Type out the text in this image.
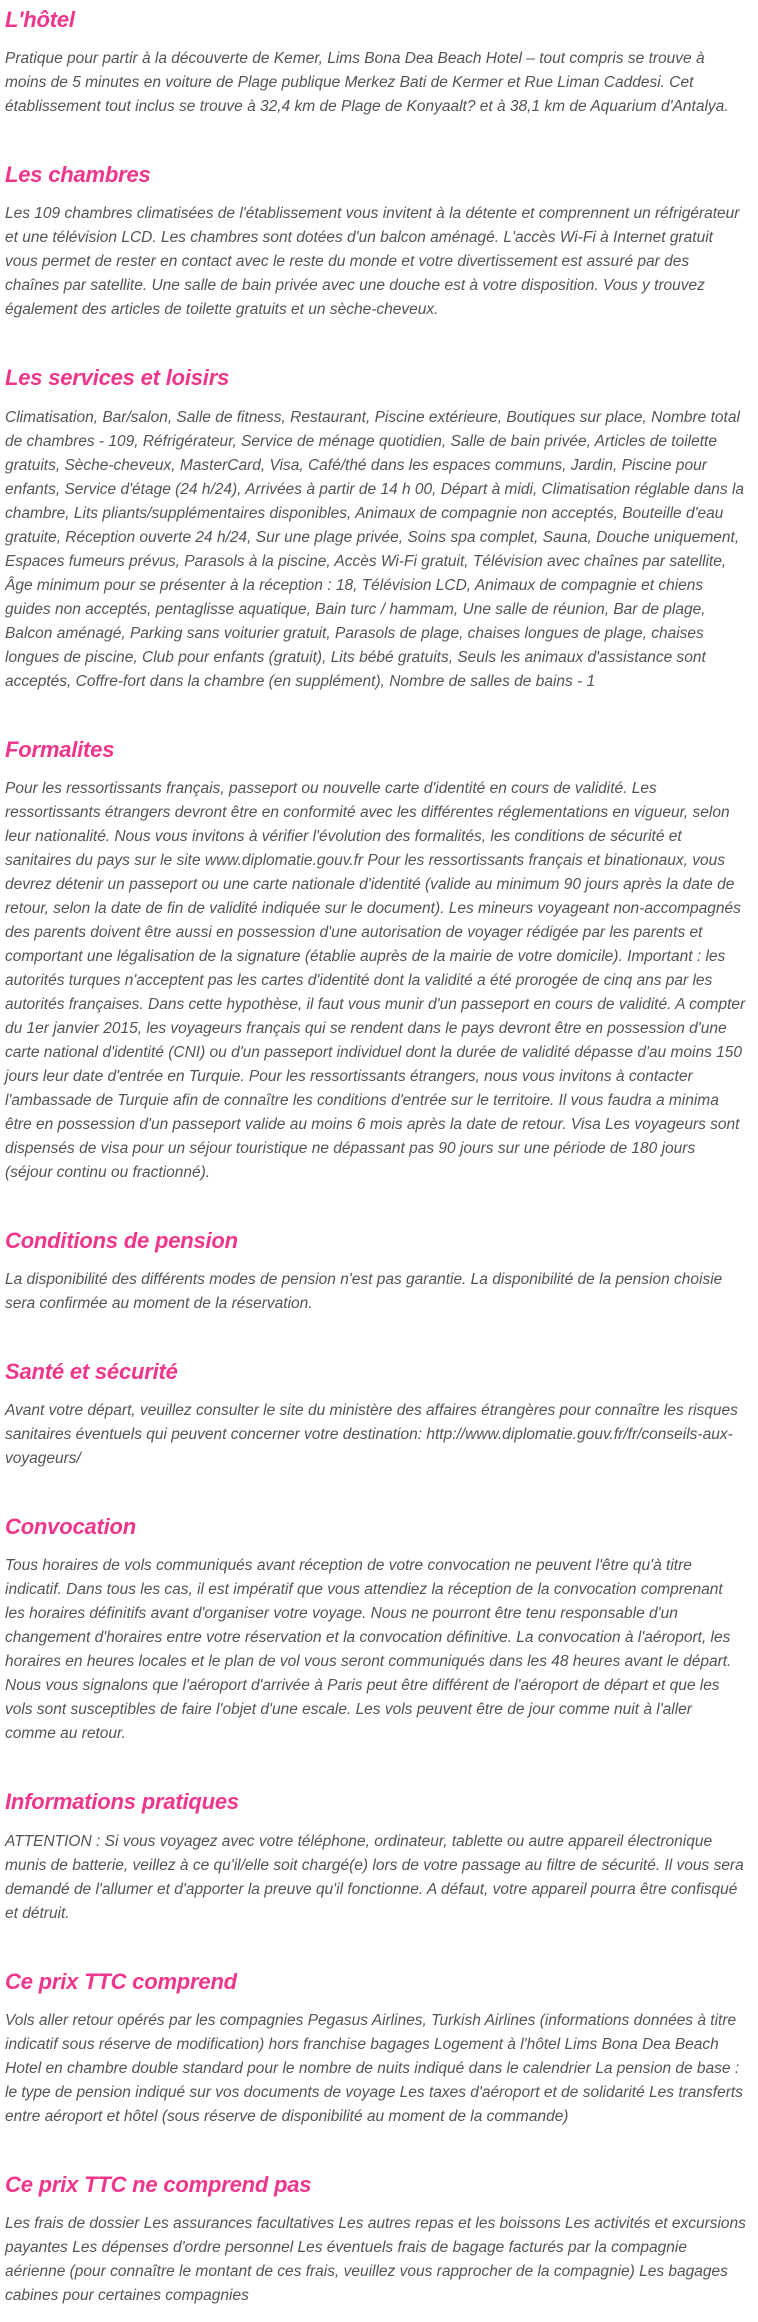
L'hôtel

Pratique pour partir à la découverte de Kemer, Lims Bona Dea Beach Hotel – tout compris se trouve à moins de 5 minutes en voiture de Plage publique Merkez Bati de Kermer et Rue Liman Caddesi. Cet établissement tout inclus se trouve à 32,4 km de Plage de Konyaalt? et à 38,1 km de Aquarium d'Antalya.

Les chambres

Les 109 chambres climatisées de l'établissement vous invitent à la détente et comprennent un réfrigérateur et une télévision LCD. Les chambres sont dotées d'un balcon aménagé. L'accès Wi-Fi à Internet gratuit vous permet de rester en contact avec le reste du monde et votre divertissement est assuré par des chaînes par satellite. Une salle de bain privée avec une douche est à votre disposition. Vous y trouvez également des articles de toilette gratuits et un sèche-cheveux.

Les services et loisirs

Climatisation, Bar/salon, Salle de fitness, Restaurant, Piscine extérieure, Boutiques sur place, Nombre total de chambres - 109, Réfrigérateur, Service de ménage quotidien, Salle de bain privée, Articles de toilette gratuits, Sèche-cheveux, MasterCard, Visa, Café/thé dans les espaces communs, Jardin, Piscine pour enfants, Service d'étage (24 h/24), Arrivées à partir de 14 h 00, Départ à midi, Climatisation réglable dans la chambre, Lits pliants/supplémentaires disponibles, Animaux de compagnie non acceptés, Bouteille d'eau gratuite, Réception ouverte 24 h/24, Sur une plage privée, Soins spa complet, Sauna, Douche uniquement, Espaces fumeurs prévus, Parasols à la piscine, Accès Wi-Fi gratuit, Télévision avec chaînes par satellite, Âge minimum pour se présenter à la réception : 18, Télévision LCD, Animaux de compagnie et chiens guides non acceptés, pentaglisse aquatique, Bain turc / hammam, Une salle de réunion, Bar de plage, Balcon aménagé, Parking sans voiturier gratuit, Parasols de plage, chaises longues de plage, chaises longues de piscine, Club pour enfants (gratuit), Lits bébé gratuits, Seuls les animaux d'assistance sont acceptés, Coffre-fort dans la chambre (en supplément), Nombre de salles de bains - 1

Formalites

Pour les ressortissants français, passeport ou nouvelle carte d'identité en cours de validité. Les ressortissants étrangers devront être en conformité avec les différentes réglementations en vigueur, selon leur nationalité. Nous vous invitons à vérifier l'évolution des formalités, les conditions de sécurité et sanitaires du pays sur le site www.diplomatie.gouv.fr Pour les ressortissants français et binationaux, vous devrez détenir un passeport ou une carte nationale d'identité (valide au minimum 90 jours après la date de retour, selon la date de fin de validité indiquée sur le document). Les mineurs voyageant non-accompagnés des parents doivent être aussi en possession d'une autorisation de voyager rédigée par les parents et comportant une légalisation de la signature (établie auprès de la mairie de votre domicile). Important : les autorités turques n'acceptent pas les cartes d'identité dont la validité a été prorogée de cinq ans par les autorités françaises. Dans cette hypothèse, il faut vous munir d'un passeport en cours de validité. A compter du 1er janvier 2015, les voyageurs français qui se rendent dans le pays devront être en possession d'une carte national d'identité (CNI) ou d'un passeport individuel dont la durée de validité dépasse d'au moins 150 jours leur date d'entrée en Turquie. Pour les ressortissants étrangers, nous vous invitons à contacter l'ambassade de Turquie afin de connaître les conditions d'entrée sur le territoire. Il vous faudra a minima être en possession d'un passeport valide au moins 6 mois après la date de retour. Visa Les voyageurs sont dispensés de visa pour un séjour touristique ne dépassant pas 90 jours sur une période de 180 jours (séjour continu ou fractionné).

Conditions de pension

La disponibilité des différents modes de pension n'est pas garantie. La disponibilité de la pension choisie sera confirmée au moment de la réservation.

Santé et sécurité

Avant votre départ, veuillez consulter le site du ministère des affaires étrangères pour connaître les risques sanitaires éventuels qui peuvent concerner votre destination: http://www.diplomatie.gouv.fr/fr/conseils-aux-voyageurs/

Convocation

Tous horaires de vols communiqués avant réception de votre convocation ne peuvent l'être qu'à titre indicatif. Dans tous les cas, il est impératif que vous attendiez la réception de la convocation comprenant les horaires définitifs avant d'organiser votre voyage. Nous ne pourront être tenu responsable d'un changement d'horaires entre votre réservation et la convocation définitive. La convocation à l'aéroport, les horaires en heures locales et le plan de vol vous seront communiqués dans les 48 heures avant le départ. Nous vous signalons que l'aéroport d'arrivée à Paris peut être différent de l'aéroport de départ et que les vols sont susceptibles de faire l'objet d'une escale. Les vols peuvent être de jour comme nuit à l'aller comme au retour.

Informations pratiques

ATTENTION : Si vous voyagez avec votre téléphone, ordinateur, tablette ou autre appareil électronique munis de batterie, veillez à ce qu'il/elle soit chargé(e) lors de votre passage au filtre de sécurité. Il vous sera demandé de l'allumer et d'apporter la preuve qu'il fonctionne. A défaut, votre appareil pourra être confisqué et détruit.

Ce prix TTC comprend

Vols aller retour opérés par les compagnies Pegasus Airlines, Turkish Airlines (informations données à titre indicatif sous réserve de modification) hors franchise bagages Logement à l'hôtel Lims Bona Dea Beach Hotel en chambre double standard pour le nombre de nuits indiqué dans le calendrier La pension de base : le type de pension indiqué sur vos documents de voyage Les taxes d'aéroport et de solidarité Les transferts entre aéroport et hôtel (sous réserve de disponibilité au moment de la commande)

Ce prix TTC ne comprend pas

Les frais de dossier Les assurances facultatives Les autres repas et les boissons Les activités et excursions payantes Les dépenses d'ordre personnel Les éventuels frais de bagage facturés par la compagnie aérienne (pour connaître le montant de ces frais, veuillez vous rapprocher de la compagnie) Les bagages cabines pour certaines compagnies
